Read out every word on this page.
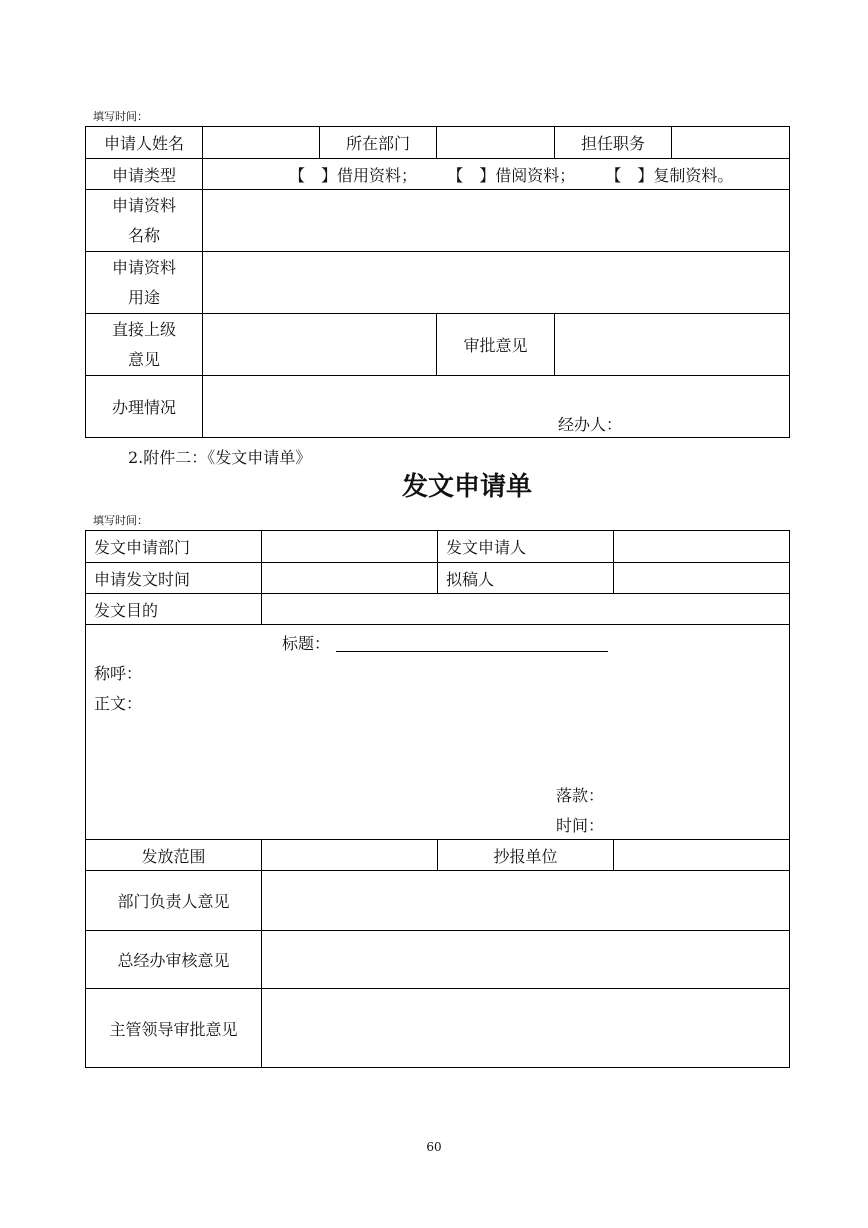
填写时间：
申请人姓名		所在部门		担任职务	
申请类型	【　】借用资料； 【　】借阅资料； 【　】复制资料。				

申请资料
名称					

申请资料
用途					

直接上级
意见			审批意见		
办理情况	经办人：				
2.附件二：《发文申请单》
发文申请单
填写时间：
发文申请部门		发文申请人	
申请发文时间		拟稿人	
发文目的			

标题：
称呼：
正文：
落款：
时间：			

发放范围		抄报单位	
部门负责人意见			
总经办审核意见			
主管领导审批意见			
60
